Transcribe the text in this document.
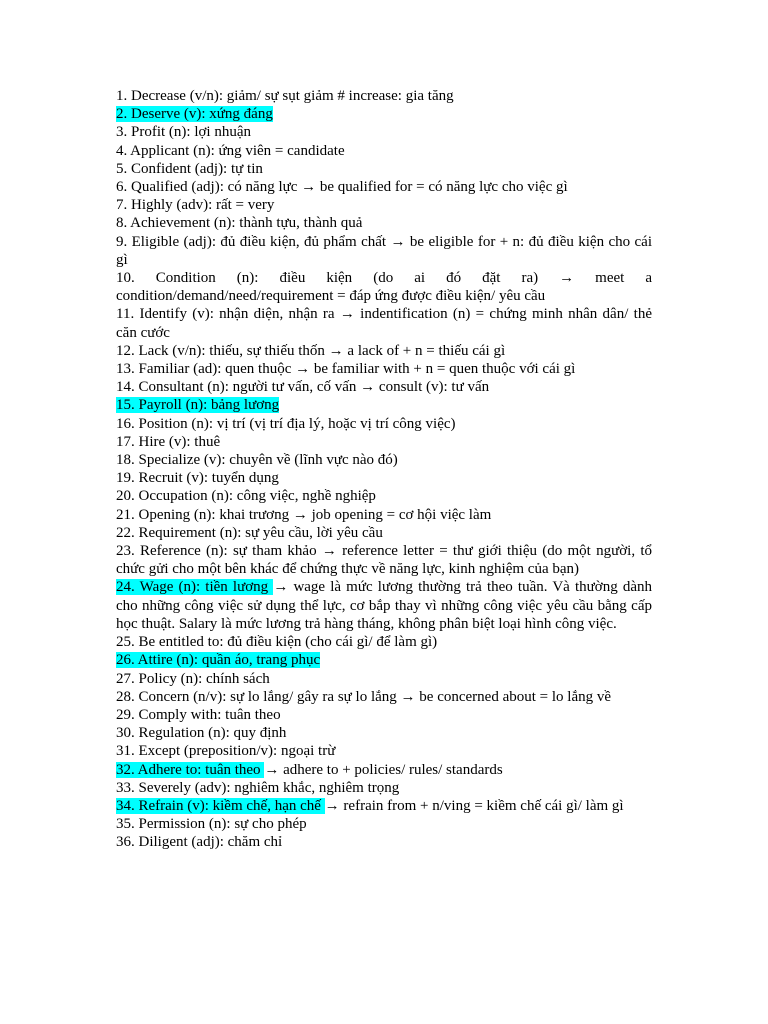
1. Decrease (v/n): giảm/ sự sụt giảm # increase: gia tăng
2. Deserve (v): xứng đáng
3. Profit (n): lợi nhuận
4. Applicant (n): ứng viên = candidate
5. Confident (adj): tự tin
6. Qualified (adj): có năng lực → be qualified for = có năng lực cho việc gì
7. Highly (adv): rất = very
8. Achievement (n): thành tựu, thành quả
9. Eligible (adj): đủ điều kiện, đủ phẩm chất → be eligible for + n: đủ điều kiện cho cái gì
10. Condition (n): điều kiện (do ai đó đặt ra) → meet a condition/demand/need/requirement = đáp ứng được điều kiện/ yêu cầu
11. Identify (v): nhận diện, nhận ra → indentification (n) = chứng minh nhân dân/ thẻ căn cước
12. Lack (v/n): thiếu, sự thiếu thốn → a lack of + n = thiếu cái gì
13. Familiar (ad): quen thuộc → be familiar with + n = quen thuộc với cái gì
14. Consultant (n): người tư vấn, cố vấn → consult (v): tư vấn
15. Payroll (n): bảng lương
16. Position (n): vị trí (vị trí địa lý, hoặc vị trí công việc)
17. Hire (v): thuê
18. Specialize (v): chuyên về (lĩnh vực nào đó)
19. Recruit (v): tuyển dụng
20. Occupation (n): công việc, nghề nghiệp
21. Opening (n): khai trương → job opening = cơ hội việc làm
22. Requirement (n): sự yêu cầu, lời yêu cầu
23. Reference (n): sự tham khảo → reference letter = thư giới thiệu (do một người, tổ chức gửi cho một bên khác để chứng thực về năng lực, kinh nghiệm của bạn)
24. Wage (n): tiền lương → wage là mức lương thường trả theo tuần. Và thường dành cho những công việc sử dụng thể lực, cơ bắp thay vì những công việc yêu cầu bằng cấp học thuật. Salary là mức lương trả hàng tháng, không phân biệt loại hình công việc.
25. Be entitled to: đủ điều kiện (cho cái gì/ để làm gì)
26. Attire (n): quần áo, trang phục
27. Policy (n): chính sách
28. Concern (n/v): sự lo lắng/ gây ra sự lo lắng → be concerned about = lo lắng về
29. Comply with: tuân theo
30. Regulation (n): quy định
31. Except (preposition/v): ngoại trừ
32. Adhere to: tuân theo → adhere to + policies/ rules/ standards
33. Severely (adv): nghiêm khắc, nghiêm trọng
34. Refrain (v): kiềm chế, hạn chế → refrain from + n/ving = kiềm chế cái gì/ làm gì
35. Permission (n): sự cho phép
36. Diligent (adj): chăm chỉ
